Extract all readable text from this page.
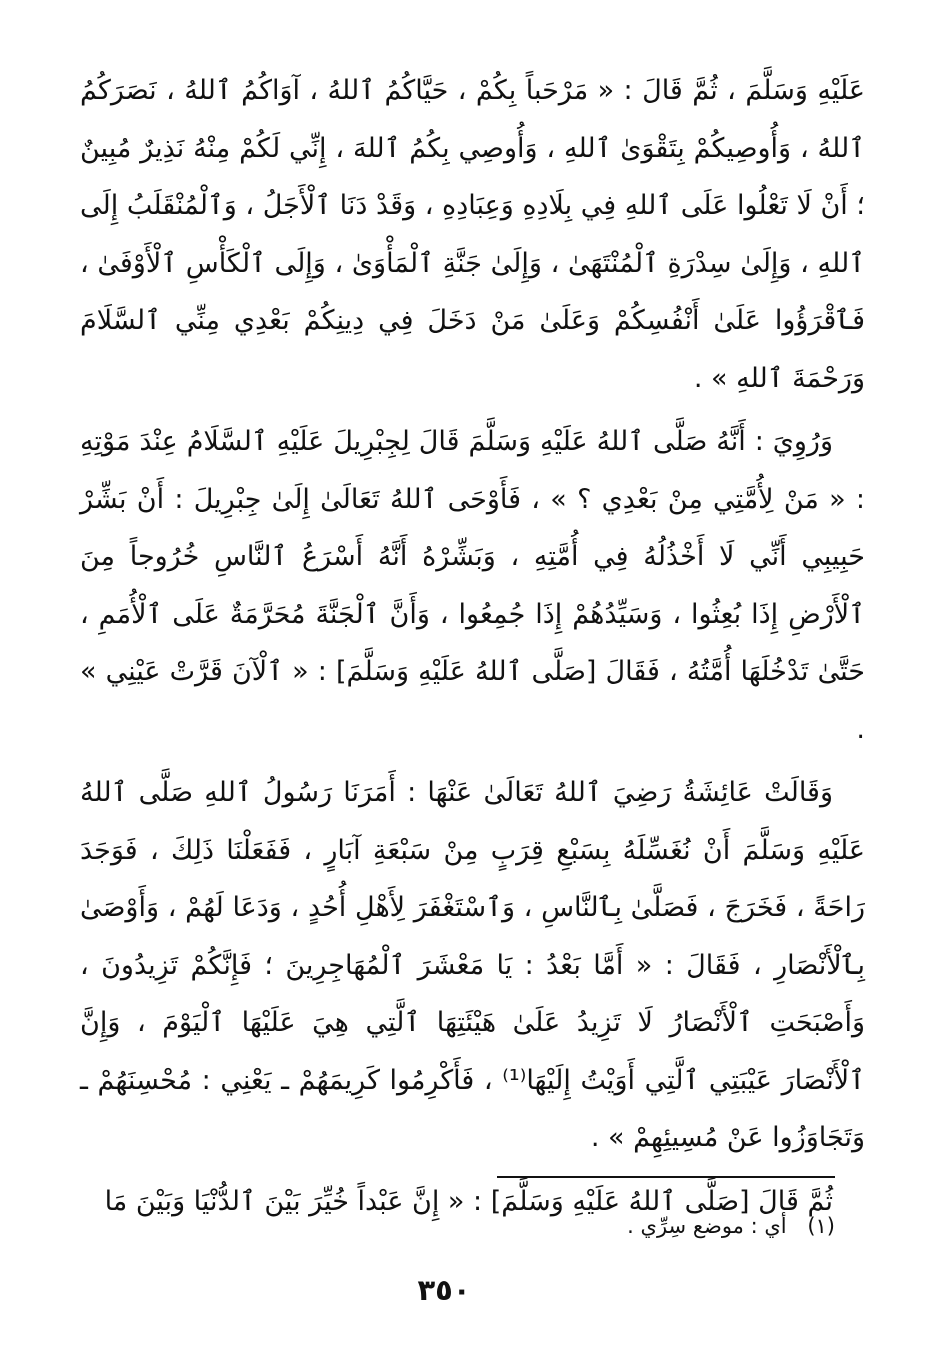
عَلَيْهِ وَسَلَّمَ ، ثُمَّ قَالَ : « مَرْحَباً بِكُمْ ، حَيَّاكُمُ ٱللهُ ، آوَاكُمُ ٱللهُ ، نَصَرَكُمُ ٱللهُ ، وَأُوصِيكُمْ بِتَقْوَىٰ ٱللهِ ، وَأُوصِي بِكُمُ ٱللهَ ، إِنِّي لَكُمْ مِنْهُ نَذِيرٌ مُبِينٌ ؛ أَنْ لَا تَعْلُوا عَلَى ٱللهِ فِي بِلَادِهِ وَعِبَادِهِ ، وَقَدْ دَنَا ٱلْأَجَلُ ، وَٱلْمُنْقَلَبُ إِلَى ٱللهِ ، وَإِلَىٰ سِدْرَةِ ٱلْمُنْتَهَىٰ ، وَإِلَىٰ جَنَّةِ ٱلْمَأْوَىٰ ، وَإِلَى ٱلْكَأْسِ ٱلْأَوْفَىٰ ، فَٱقْرَؤُوا عَلَىٰ أَنْفُسِكُمْ وَعَلَىٰ مَنْ دَخَلَ فِي دِينِكُمْ بَعْدِي مِنِّي ٱلسَّلَامَ وَرَحْمَةَ ٱللهِ » .

وَرُوِيَ : أَنَّهُ صَلَّى ٱللهُ عَلَيْهِ وَسَلَّمَ قَالَ لِجِبْرِيلَ عَلَيْهِ ٱلسَّلَامُ عِنْدَ مَوْتِهِ : « مَنْ لِأُمَّتِي مِنْ بَعْدِي ؟ » ، فَأَوْحَى ٱللهُ تَعَالَىٰ إِلَىٰ جِبْرِيلَ : أَنْ بَشِّرْ حَبِيبِي أَنِّي لَا أَخْذُلُهُ فِي أُمَّتِهِ ، وَبَشِّرْهُ أَنَّهُ أَسْرَعُ ٱلنَّاسِ خُرُوجاً مِنَ ٱلْأَرْضِ إِذَا بُعِثُوا ، وَسَيِّدُهُمْ إِذَا جُمِعُوا ، وَأَنَّ ٱلْجَنَّةَ مُحَرَّمَةٌ عَلَى ٱلْأُمَمِ ، حَتَّىٰ تَدْخُلَهَا أُمَّتُهُ ، فَقَالَ [صَلَّى ٱللهُ عَلَيْهِ وَسَلَّمَ] : « ٱلْآنَ قَرَّتْ عَيْنِي » .

وَقَالَتْ عَائِشَةُ رَضِيَ ٱللهُ تَعَالَىٰ عَنْهَا : أَمَرَنَا رَسُولُ ٱللهِ صَلَّى ٱللهُ عَلَيْهِ وَسَلَّمَ أَنْ نُغَسِّلَهُ بِسَبْعِ قِرَبٍ مِنْ سَبْعَةِ آبَارٍ ، فَفَعَلْنَا ذَلِكَ ، فَوَجَدَ رَاحَةً ، فَخَرَجَ ، فَصَلَّىٰ بِٱلنَّاسِ ، وَٱسْتَغْفَرَ لِأَهْلِ أُحُدٍ ، وَدَعَا لَهُمْ ، وَأَوْصَىٰ بِٱلْأَنْصَارِ ، فَقَالَ : « أَمَّا بَعْدُ : يَا مَعْشَرَ ٱلْمُهَاجِرِينَ ؛ فَإِنَّكُمْ تَزِيدُونَ ، وَأَصْبَحَتِ ٱلْأَنْصَارُ لَا تَزِيدُ عَلَىٰ هَيْئَتِهَا ٱلَّتِي هِيَ عَلَيْهَا ٱلْيَوْمَ ، وَإِنَّ ٱلْأَنْصَارَ عَيْبَتِي ٱلَّتِي أَوَيْتُ إِلَيْهَا⁽¹⁾ ، فَأَكْرِمُوا كَرِيمَهُمْ ـ يَعْنِي : مُحْسِنَهُمْ ـ وَتَجَاوَزُوا عَنْ مُسِيئِهِمْ » .

ثُمَّ قَالَ [صَلَّى ٱللهُ عَلَيْهِ وَسَلَّمَ] : « إِنَّ عَبْداً خُيِّرَ بَيْنَ ٱلدُّنْيَا وَبَيْنَ مَا

(١) أي : موضع سِرِّي .
٣٥٠
